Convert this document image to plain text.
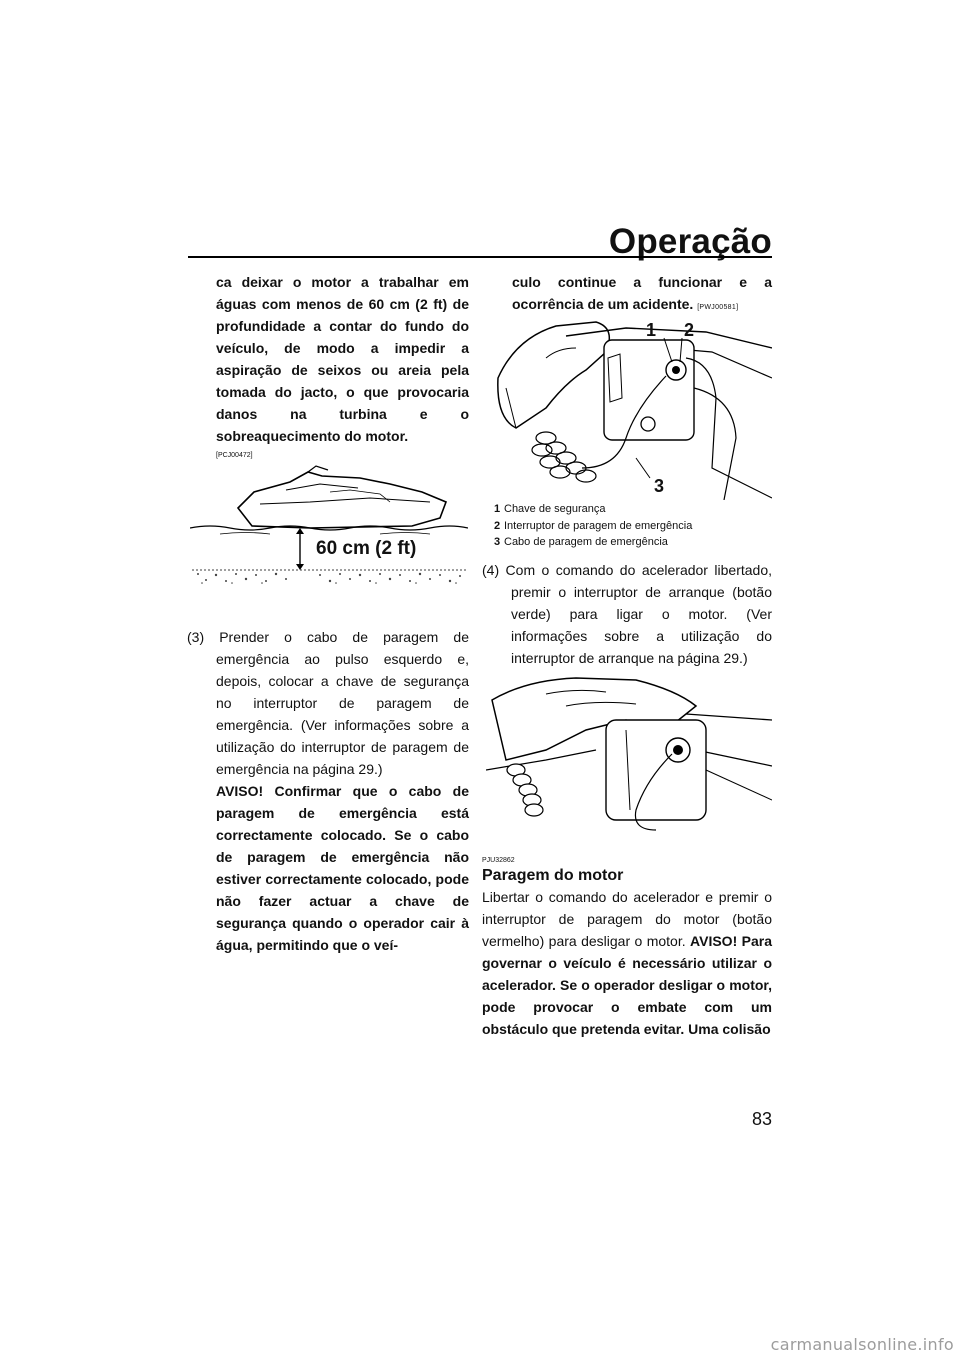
Operação
ca deixar o motor a trabalhar em águas com menos de 60 cm (2 ft) de profundidade a contar do fundo do veículo, de modo a impedir a aspiração de seixos ou areia pela tomada do jacto, o que provocaria danos na turbina e o sobreaquecimento do motor.
[PCJ00472]
60 cm (2 ft)
(3) Prender o cabo de paragem de emergência ao pulso esquerdo e, depois, colocar a chave de segurança no interruptor de paragem de emergência. (Ver informações sobre a utilização do interruptor de paragem de emergência na página 29.)
AVISO! Confirmar que o cabo de paragem de emergência está correctamente colocado. Se o cabo de paragem de emergência não estiver correctamente colocado, pode não fazer actuar a chave de segurança quando o operador cair à água, permitindo que o veí-
culo continue a funcionar e a ocorrência de um acidente. [PWJ00581]
1 2
3
1 Chave de segurança
2 Interruptor de paragem de emergência
3 Cabo de paragem de emergência
(4) Com o comando do acelerador libertado, premir o interruptor de arranque (botão verde) para ligar o motor. (Ver informações sobre a utilização do interruptor de arranque na página 29.)
PJU32862
Paragem do motor
Libertar o comando do acelerador e premir o interruptor de paragem do motor (botão vermelho) para desligar o motor. AVISO! Para governar o veículo é necessário utilizar o acelerador. Se o operador desligar o motor, pode provocar o embate com um obstáculo que pretenda evitar. Uma colisão
83
carmanualsonline.info
